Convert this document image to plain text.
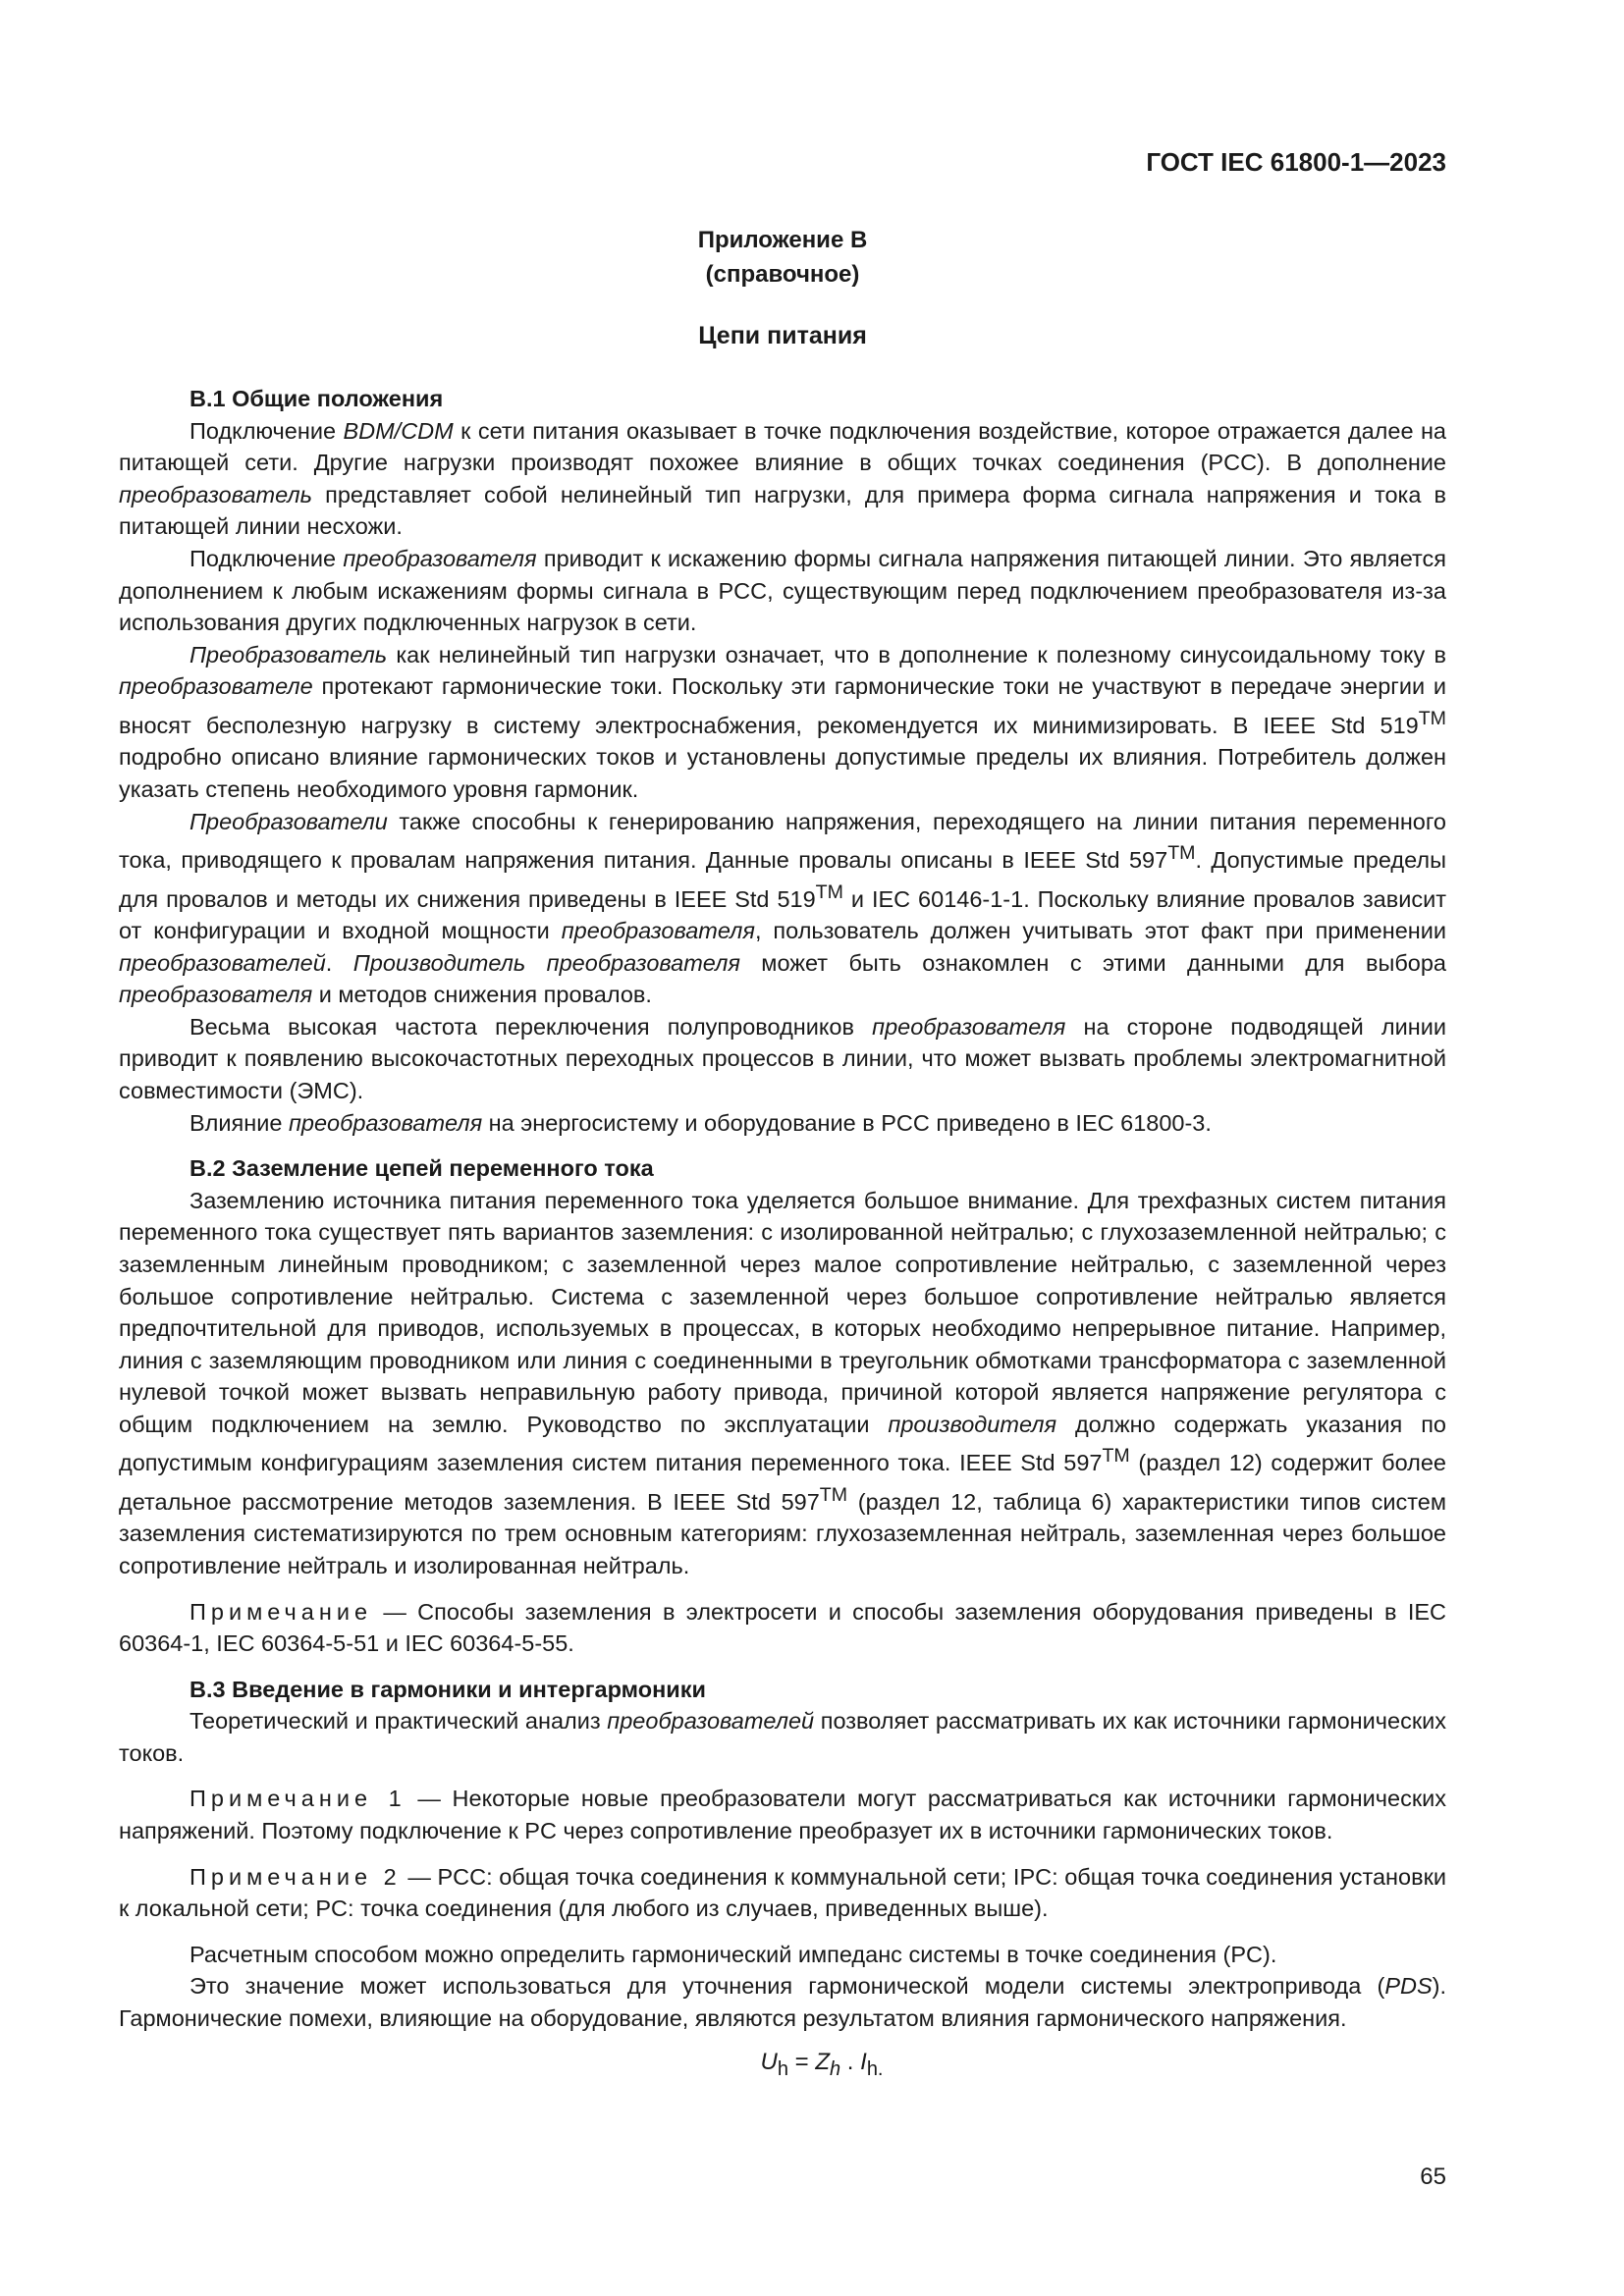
ГОСТ IEC 61800-1—2023
Приложение В
(справочное)
Цепи питания
В.1 Общие положения

Подключение BDM/CDM к сети питания оказывает в точке подключения воздействие, которое отражается далее на питающей сети. Другие нагрузки производят похожее влияние в общих точках соединения (PCC). В дополнение преобразователь представляет собой нелинейный тип нагрузки, для примера форма сигнала напряжения и тока в питающей линии несхожи.

Подключение преобразователя приводит к искажению формы сигнала напряжения питающей линии. Это является дополнением к любым искажениям формы сигнала в PCC, существующим перед подключением преобразователя из-за использования других подключенных нагрузок в сети.

Преобразователь как нелинейный тип нагрузки означает, что в дополнение к полезному синусоидальному току в преобразователе протекают гармонические токи. Поскольку эти гармонические токи не участвуют в передаче энергии и вносят бесполезную нагрузку в систему электроснабжения, рекомендуется их минимизировать. В IEEE Std 519™ подробно описано влияние гармонических токов и установлены допустимые пределы их влияния. Потребитель должен указать степень необходимого уровня гармоник.

Преобразователи также способны к генерированию напряжения, переходящего на линии питания переменного тока, приводящего к провалам напряжения питания. Данные провалы описаны в IEEE Std 597™. Допустимые пределы для провалов и методы их снижения приведены в IEEE Std 519™ и IEC 60146-1-1. Поскольку влияние провалов зависит от конфигурации и входной мощности преобразователя, пользователь должен учитывать этот факт при применении преобразователей. Производитель преобразователя может быть ознакомлен с этими данными для выбора преобразователя и методов снижения провалов.

Весьма высокая частота переключения полупроводников преобразователя на стороне подводящей линии приводит к появлению высокочастотных переходных процессов в линии, что может вызвать проблемы электромагнитной совместимости (ЭМС).

Влияние преобразователя на энергосистему и оборудование в PCC приведено в IEC 61800-3.

В.2 Заземление цепей переменного тока

Заземлению источника питания переменного тока уделяется большое внимание. Для трехфазных систем питания переменного тока существует пять вариантов заземления: с изолированной нейтралью; с глухозаземленной нейтралью; с заземленным линейным проводником; с заземленной через малое сопротивление нейтралью, с заземленной через большое сопротивление нейтралью. Система с заземленной через большое сопротивление нейтралью является предпочтительной для приводов, используемых в процессах, в которых необходимо непрерывное питание. Например, линия с заземляющим проводником или линия с соединенными в треугольник обмотками трансформатора с заземленной нулевой точкой может вызвать неправильную работу привода, причиной которой является напряжение регулятора с общим подключением на землю. Руководство по эксплуатации производителя должно содержать указания по допустимым конфигурациям заземления систем питания переменного тока. IEEE Std 597™ (раздел 12) содержит более детальное рассмотрение методов заземления. В IEEE Std 597™ (раздел 12, таблица 6) характеристики типов систем заземления систематизируются по трем основным категориям: глухозаземленная нейтраль, заземленная через большое сопротивление нейтраль и изолированная нейтраль.

Примечание — Способы заземления в электросети и способы заземления оборудования приведены в IEC 60364-1, IEC 60364-5-51 и IEC 60364-5-55.

В.3 Введение в гармоники и интергармоники

Теоретический и практический анализ преобразователей позволяет рассматривать их как источники гармонических токов.

Примечание 1 — Некоторые новые преобразователи могут рассматриваться как источники гармонических напряжений. Поэтому подключение к PC через сопротивление преобразует их в источники гармонических токов.

Примечание 2 — PCC: общая точка соединения к коммунальной сети; IPC: общая точка соединения установки к локальной сети; PC: точка соединения (для любого из случаев, приведенных выше).

Расчетным способом можно определить гармонический импеданс системы в точке соединения (PC).

Это значение может использоваться для уточнения гармонической модели системы электропривода (PDS). Гармонические помехи, влияющие на оборудование, являются результатом влияния гармонического напряжения.

$U_h = Z_h$ . $I_{h.}$
65
